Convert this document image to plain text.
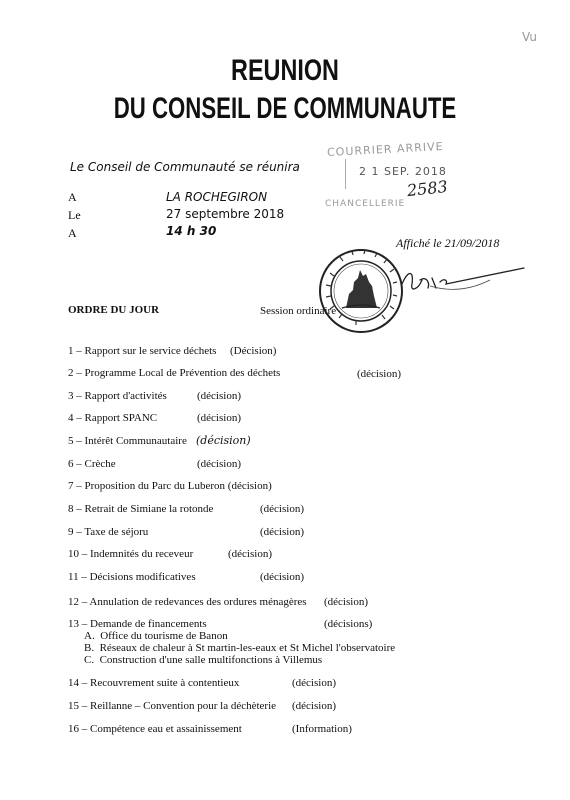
Vu
REUNION
DU CONSEIL DE COMMUNAUTE
Le Conseil de Communauté se réunira
A	LA ROCHEGIRON
Le	27 septembre 2018
A	14 h 30
COURRIER ARRIVE
2 1 SEP. 2018
2583
CHANCELLERIE
Affiché le 21/09/2018
ORDRE DU JOUR	Session ordinaire
1 – Rapport sur le service déchets (Décision)
2 – Programme Local de Prévention des déchets	(décision)
3 – Rapport d'activités	(décision)
4 – Rapport SPANC	(décision)
5 – Intérêt Communautaire (décision)
6 – Crèche	(décision)
7 – Proposition du Parc du Luberon (décision)
8 – Retrait de Simiane la rotonde	(décision)
9 – Taxe de séjoru	(décision)
10 – Indemnités du receveur	(décision)
11 – Décisions modificatives	(décision)
12 – Annulation de redevances des ordures ménagères (décision)
13 – Demande de financements	(décisions)
A. Office du tourisme de Banon
B. Réseaux de chaleur à St martin-les-eaux et St Michel l'observatoire
C. Construction d'une salle multifonctions à Villemus
14 – Recouvrement suite à contentieux	(décision)
15 – Reillanne – Convention pour la déchèterie (décision)
16 – Compétence eau et assainissement	(Information)
